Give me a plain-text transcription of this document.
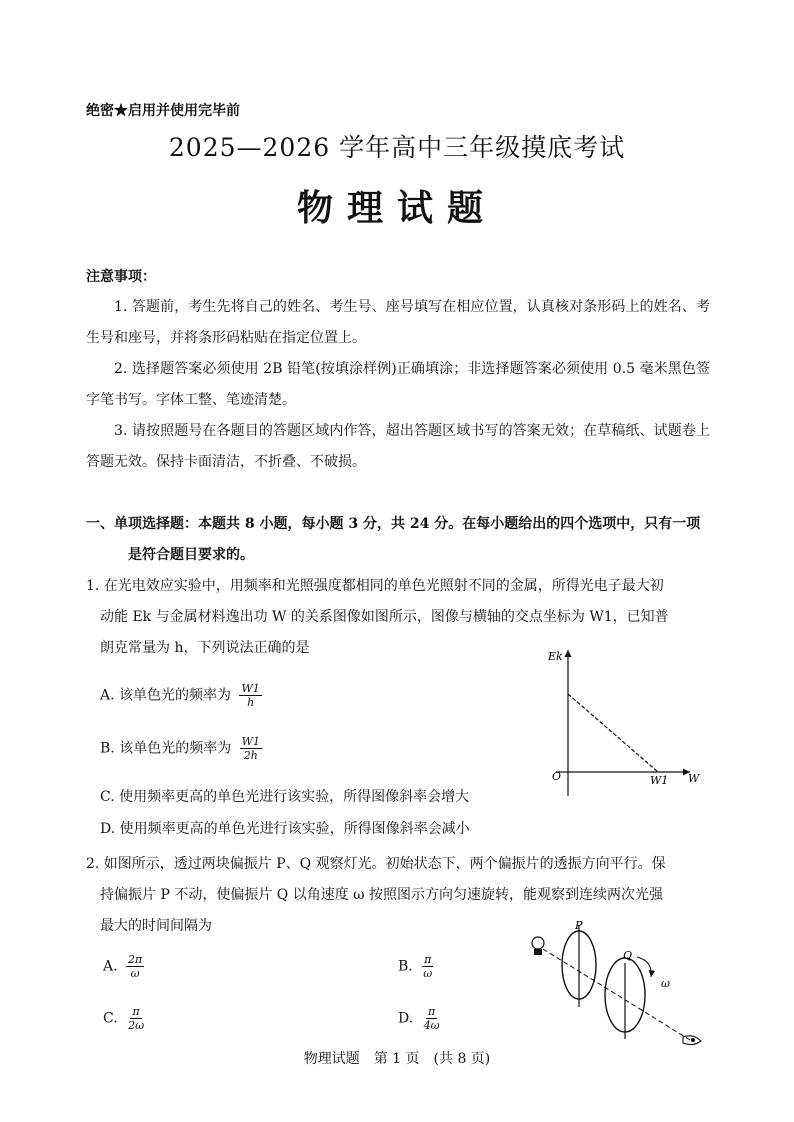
绝密★启用并使用完毕前
2025—2026 学年高中三年级摸底考试
物理试题
注意事项：
1. 答题前，考生先将自己的姓名、考生号、座号填写在相应位置，认真核对条形码上的姓名、考生号和座号，并将条形码粘贴在指定位置上。
2. 选择题答案必须使用 2B 铅笔(按填涂样例)正确填涂；非选择题答案必须使用 0.5 毫米黑色签字笔书写。字体工整、笔迹清楚。
3. 请按照题号在各题目的答题区域内作答，超出答题区域书写的答案无效；在草稿纸、试题卷上答题无效。保持卡面清洁，不折叠、不破损。
一、单项选择题：本题共 8 小题，每小题 3 分，共 24 分。在每小题给出的四个选项中，只有一项
是符合题目要求的。
1. 在光电效应实验中，用频率和光照强度都相同的单色光照射不同的金属，所得光电子最大初
动能 Ek 与金属材料逸出功 W 的关系图像如图所示，图像与横轴的交点坐标为 W1，已知普
朗克常量为 h，下列说法正确的是
A. 该单色光的频率为 $\frac{W1}{h}$
B. 该单色光的频率为 $\frac{W1}{2h}$
C. 使用频率更高的单色光进行该实验，所得图像斜率会增大
D. 使用频率更高的单色光进行该实验，所得图像斜率会减小
Ek
W
O	W1
2. 如图所示，透过两块偏振片 P、Q 观察灯光。初始状态下，两个偏振片的透振方向平行。保
持偏振片 P 不动，使偏振片 Q 以角速度 ω 按照图示方向匀速旋转，能观察到连续两次光强
最大的时间间隔为
A. $\frac{2\pi}{\omega}$	B. $\frac{\pi}{\omega}$
C. $\frac{\pi}{2\omega}$	D. $\frac{\pi}{4\omega}$
P
Q
ω
物理试题　第 1 页　(共 8 页)
